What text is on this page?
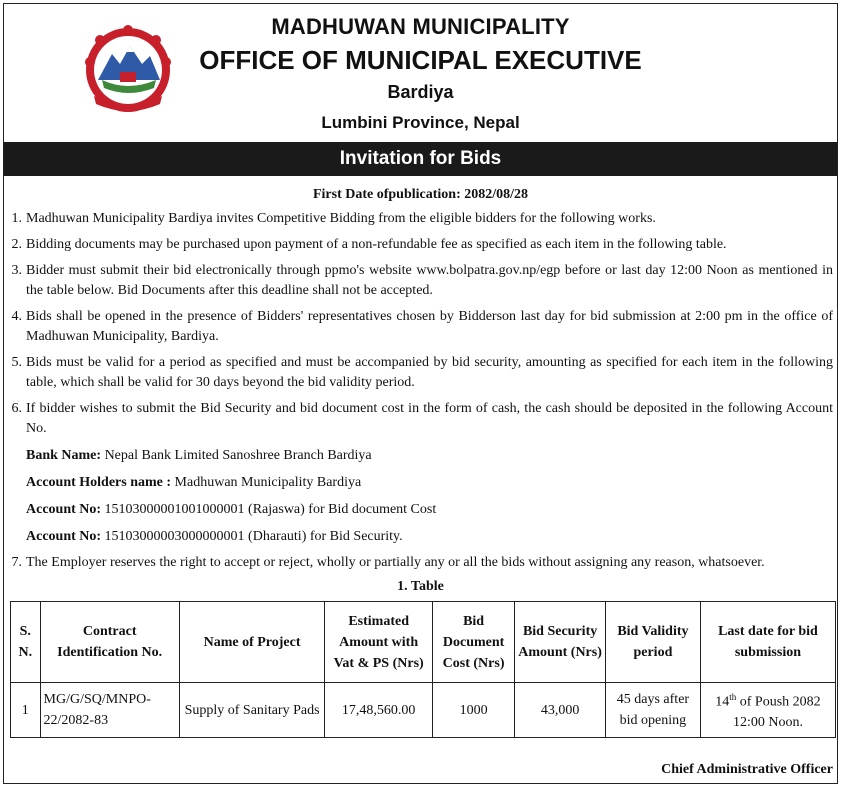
MADHUWAN MUNICIPALITY
OFFICE OF MUNICIPAL EXECUTIVE
Bardiya
Lumbini Province, Nepal
Invitation for Bids
First Date ofpublication: 2082/08/28
1. Madhuwan Municipality Bardiya invites Competitive Bidding from the eligible bidders for the following works.
2. Bidding documents may be purchased upon payment of a non-refundable fee as specified as each item in the following table.
3. Bidder must submit their bid electronically through ppmo's website www.bolpatra.gov.np/egp before or last day 12:00 Noon as mentioned in the table below. Bid Documents after this deadline shall not be accepted.
4. Bids shall be opened in the presence of Bidders' representatives chosen by Bidderson last day for bid submission at 2:00 pm in the office of Madhuwan Municipality, Bardiya.
5. Bids must be valid for a period as specified and must be accompanied by bid security, amounting as specified for each item in the following table, which shall be valid for 30 days beyond the bid validity period.
6. If bidder wishes to submit the Bid Security and bid document cost in the form of cash, the cash should be deposited in the following Account No.
Bank Name: Nepal Bank Limited Sanoshree Branch Bardiya
Account Holders name : Madhuwan Municipality Bardiya
Account No: 15103000001001000001 (Rajaswa) for Bid document Cost
Account No: 15103000003000000001 (Dharauti) for Bid Security.
7. The Employer reserves the right to accept or reject, wholly or partially any or all the bids without assigning any reason, whatsoever.
1. Table
S. N.	Contract Identification No.	Name of Project	Estimated Amount with Vat & PS (Nrs)	Bid Document Cost (Nrs)	Bid Security Amount (Nrs)	Bid Validity period	Last date for bid submission
1	MG/G/SQ/MNPO-22/2082-83	Supply of Sanitary Pads	17,48,560.00	1000	43,000	45 days after bid opening	14th of Poush 2082
12:00 Noon.
Chief Administrative Officer
